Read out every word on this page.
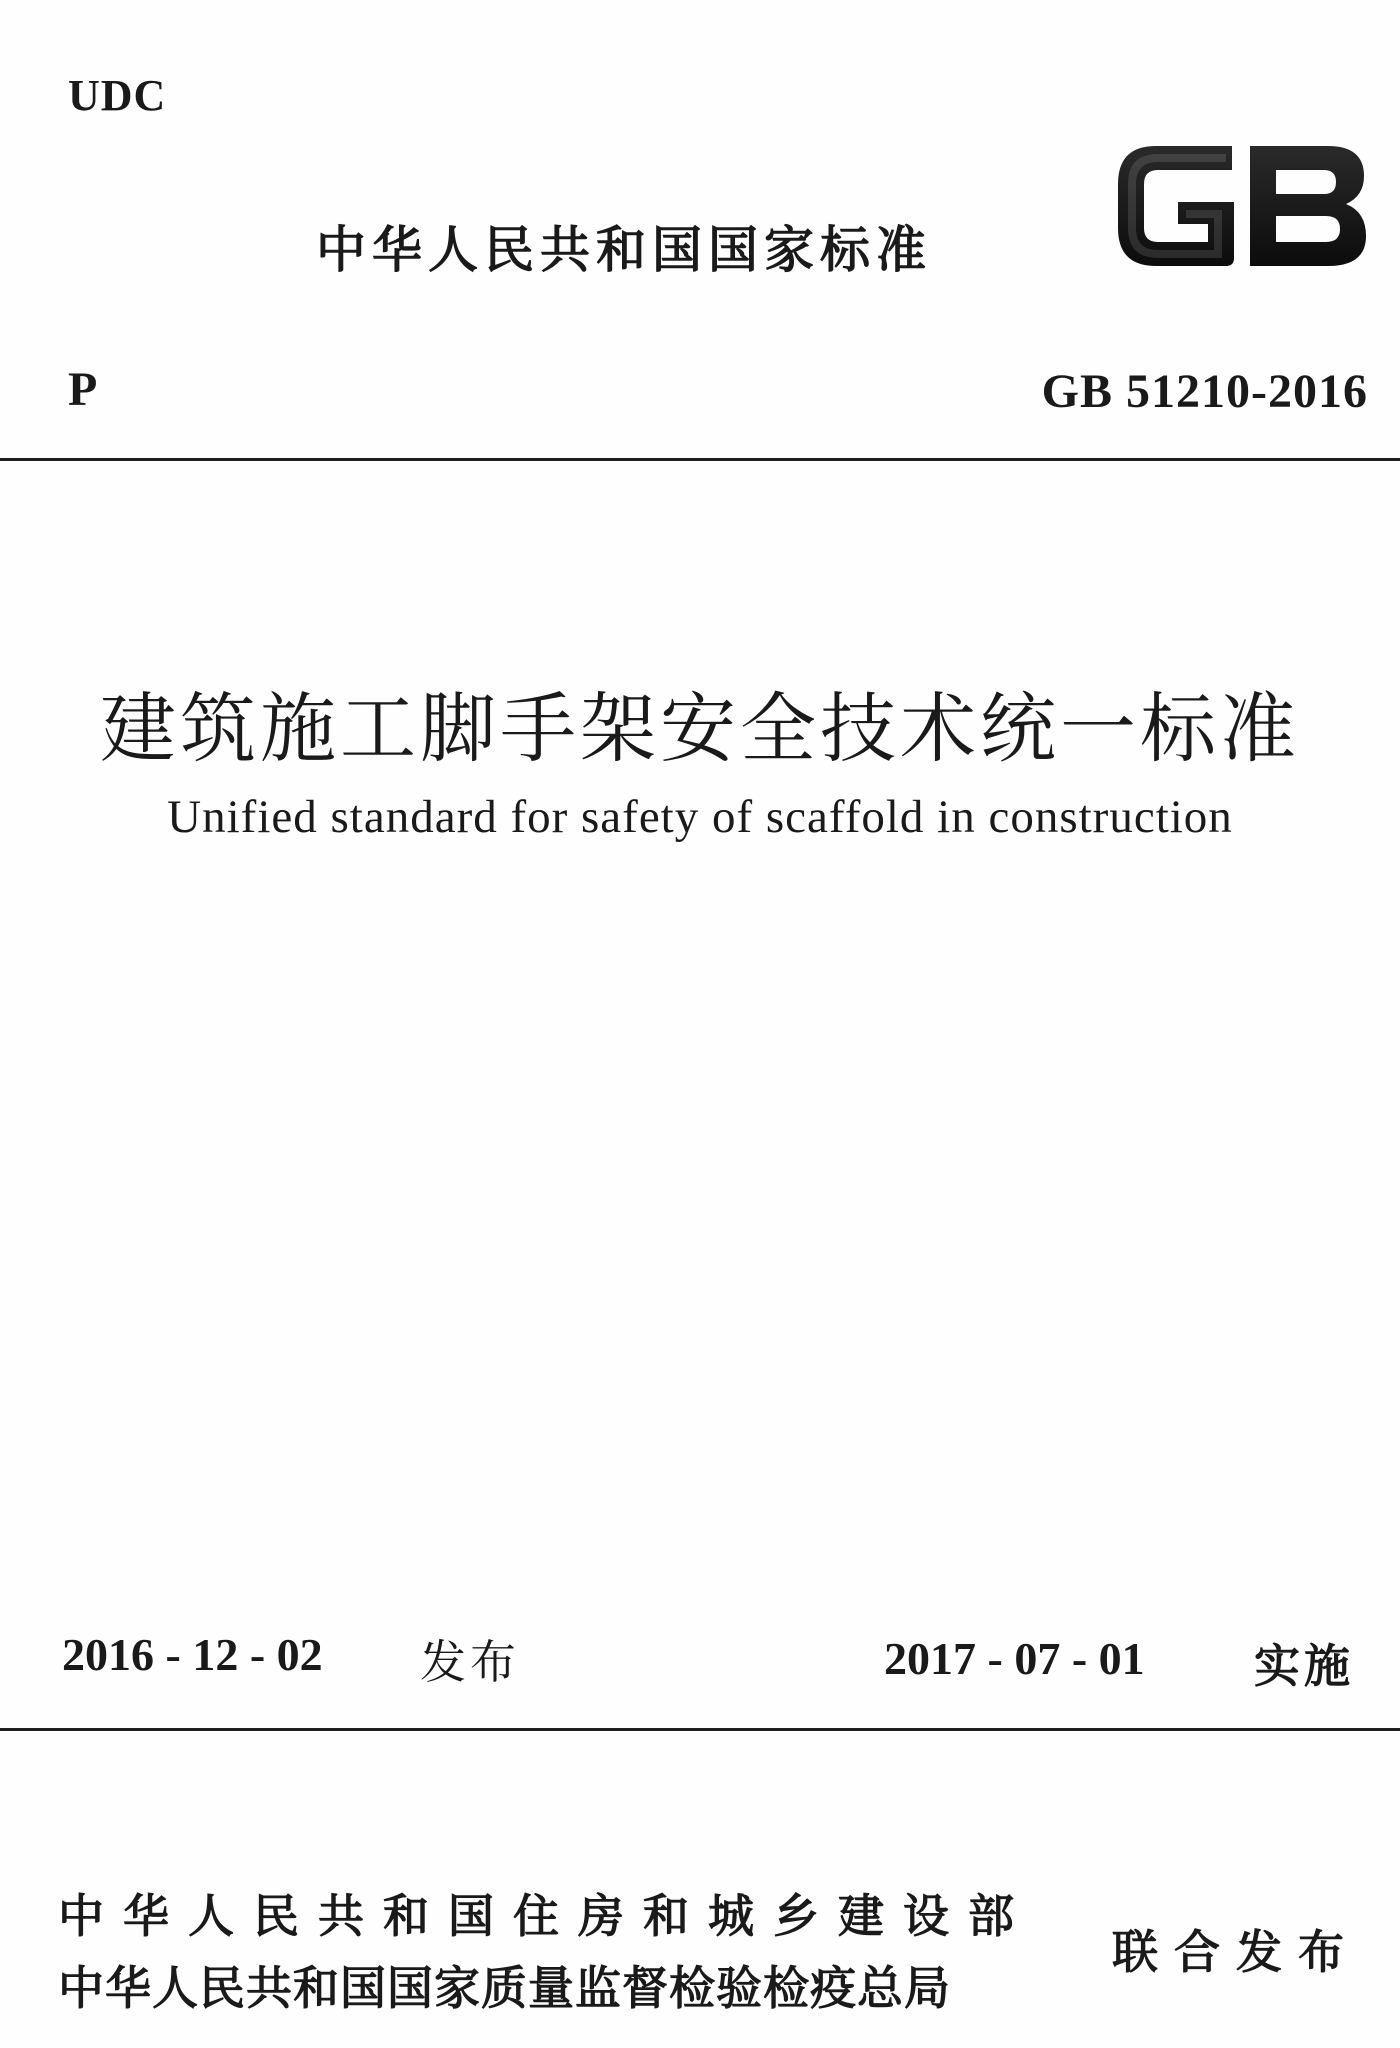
UDC
中华人民共和国国家标准
P	GB 51210-2016
建筑施工脚手架安全技术统一标准
Unified standard for safety of scaffold in construction
2016 - 12 - 02 发布	2017 - 07 - 01 实施
中华人民共和国住房和城乡建设部
中华人民共和国国家质量监督检验检疫总局
联合发布
